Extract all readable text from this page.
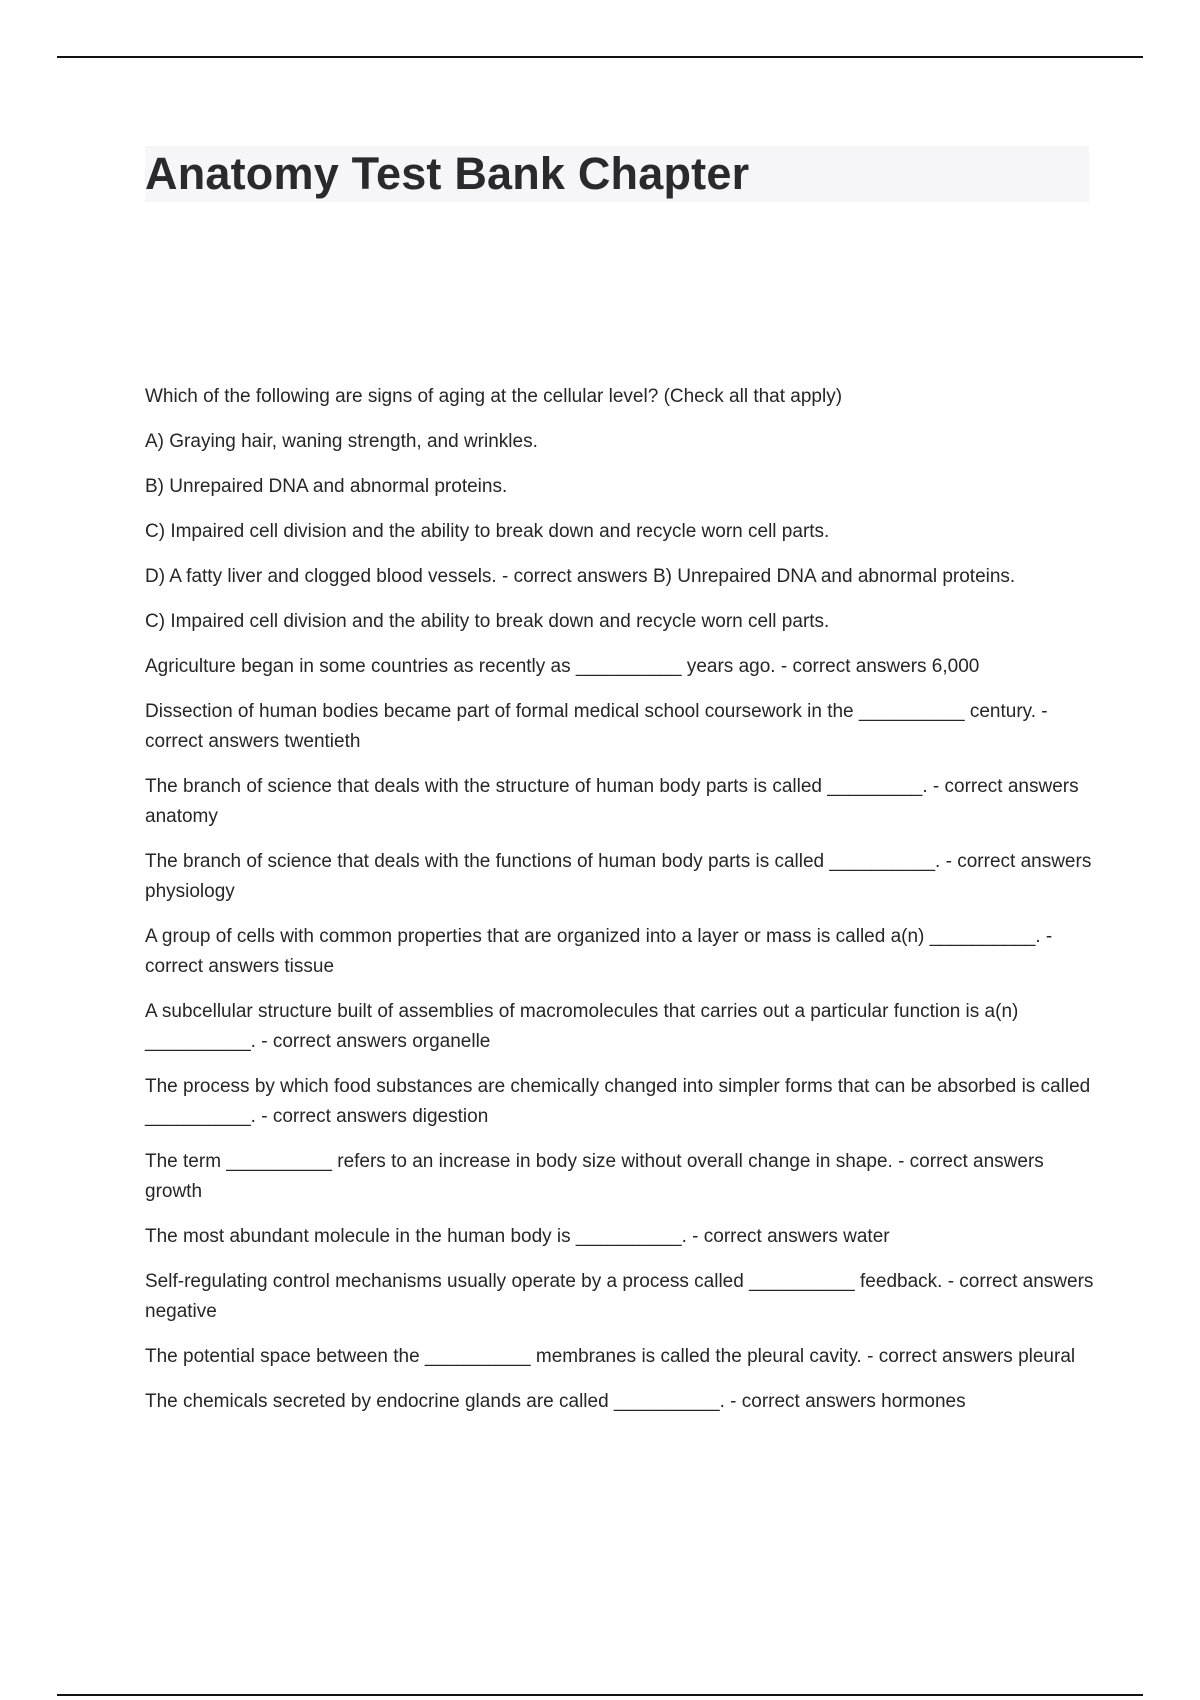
Anatomy Test Bank Chapter

Which of the following are signs of aging at the cellular level? (Check all that apply)

A) Graying hair, waning strength, and wrinkles.

B) Unrepaired DNA and abnormal proteins.

C) Impaired cell division and the ability to break down and recycle worn cell parts.

D) A fatty liver and clogged blood vessels. - correct answers B) Unrepaired DNA and abnormal proteins.

C) Impaired cell division and the ability to break down and recycle worn cell parts.

Agriculture began in some countries as recently as __________ years ago. - correct answers 6,000

Dissection of human bodies became part of formal medical school coursework in the __________ century. - correct answers twentieth

The branch of science that deals with the structure of human body parts is called _________. - correct answers anatomy

The branch of science that deals with the functions of human body parts is called __________. - correct answers physiology

A group of cells with common properties that are organized into a layer or mass is called a(n) __________. - correct answers tissue

A subcellular structure built of assemblies of macromolecules that carries out a particular function is a(n) __________. - correct answers organelle

The process by which food substances are chemically changed into simpler forms that can be absorbed is called __________. - correct answers digestion

The term __________ refers to an increase in body size without overall change in shape. - correct answers growth

The most abundant molecule in the human body is __________. - correct answers water

Self-regulating control mechanisms usually operate by a process called __________ feedback. - correct answers negative

The potential space between the __________ membranes is called the pleural cavity. - correct answers pleural

The chemicals secreted by endocrine glands are called __________. - correct answers hormones
